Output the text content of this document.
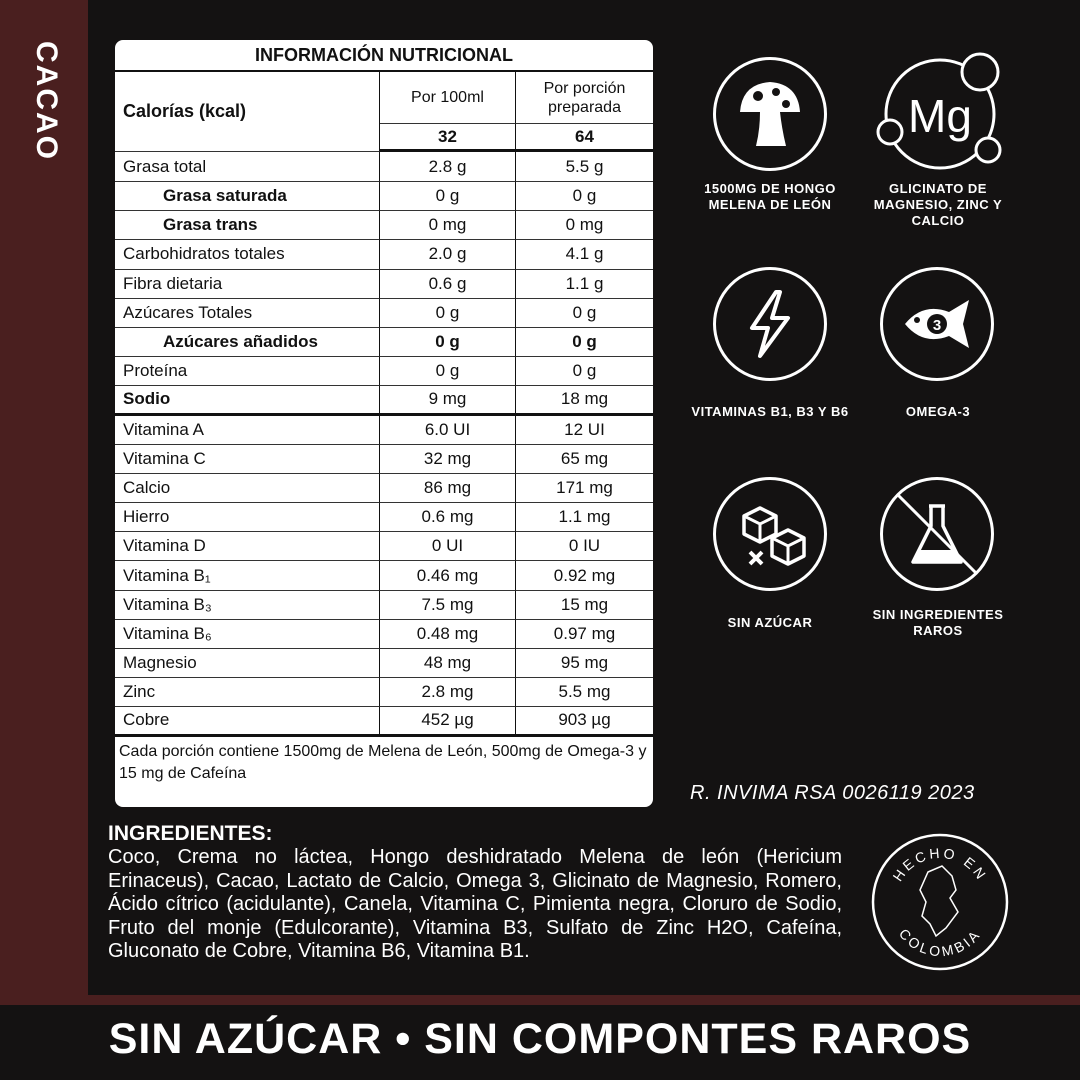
CACAO	INFORMACIÓN NUTRICIONAL
Calorías (kcal)
Por 100ml
Por porción preparada
32	64
Grasa total	2.8 g	5.5 g
Grasa saturada	0 g	0 g
Grasa trans	0 mg	0 mg
Carbohidratos totales	2.0 g	4.1 g
Fibra dietaria	0.6 g	1.1 g
Azúcares Totales	0 g	0 g
Azúcares añadidos	0 g	0 g
Proteína	0 g	0 g
Sodio	9 mg	18 mg
Vitamina A	6.0 UI	12 UI
Vitamina C	32 mg	65 mg
Calcio	86 mg	171 mg
Hierro	0.6 mg	1.1 mg
Vitamina D	0 UI	0 IU
Vitamina B₁	0.46 mg	0.92 mg
Vitamina B₃	7.5 mg	15 mg
Vitamina B₆	0.48 mg	0.97 mg
Magnesio	48 mg	95 mg
Zinc	2.8 mg	5.5 mg
Cobre	452 µg	903 µg
Cada porción contiene 1500mg de Melena de León, 500mg de Omega-3 y 15 mg de Cafeína
1500MG DE HONGO MELENA DE LEÓN
Mg
GLICINATO DE MAGNESIO, ZINC Y CALCIO
VITAMINAS B1, B3 Y B6
3
OMEGA-3
SIN AZÚCAR
SIN INGREDIENTES RAROS
R. INVIMA RSA 0026119 2023
INGREDIENTES:
Coco, Crema no láctea, Hongo deshidratado Melena de león (Hericium Erinaceus), Cacao, Lactato de Calcio, Omega 3, Glicinato de Magnesio, Romero, Ácido cítrico (acidulante), Canela, Vitamina C, Pimienta negra, Cloruro de Sodio, Fruto del monje (Edulcorante), Vitamina B3, Sulfato de Zinc H2O, Cafeína, Gluconato de Cobre, Vitamina B6, Vitamina B1.
HECHO EN
COLOMBIA
SIN AZÚCAR • SIN COMPONTES RAROS
